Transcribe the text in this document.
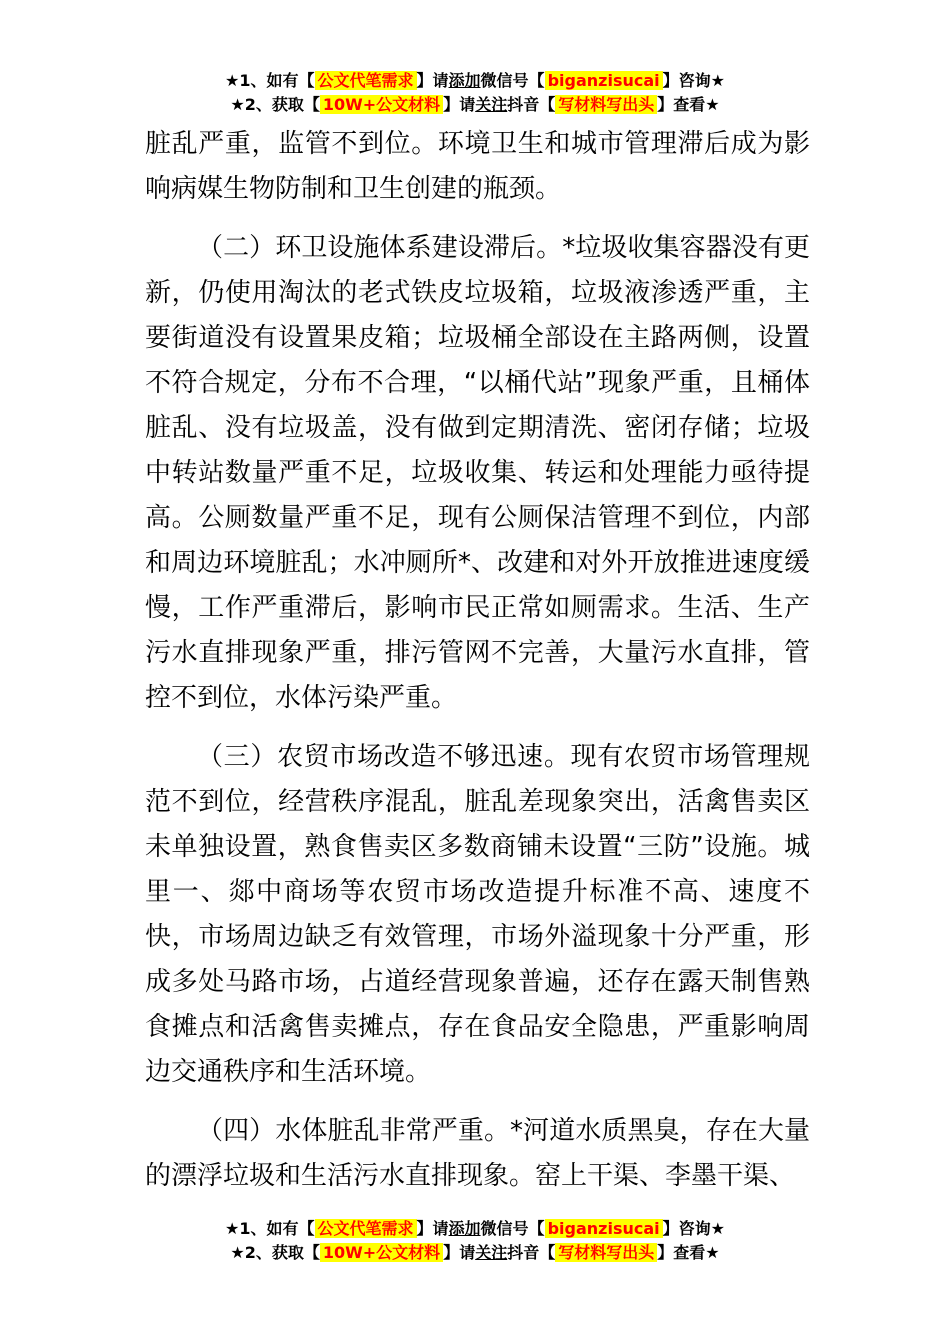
★1、如有【 公文代笔需求 】请添加微信号【 biganzisucai 】咨询★
★2、获取【 10W+公文材料 】请关注抖音【 写材料写出头 】查看★

脏乱严重，监管不到位。环境卫生和城市管理滞后成为影响病媒生物防制和卫生创建的瓶颈。

（二）环卫设施体系建设滞后。*垃圾收集容器没有更新，仍使用淘汰的老式铁皮垃圾箱，垃圾液渗透严重，主要街道没有设置果皮箱；垃圾桶全部设在主路两侧，设置不符合规定，分布不合理，“以桶代站”现象严重，且桶体脏乱、没有垃圾盖，没有做到定期清洗、密闭存储；垃圾中转站数量严重不足，垃圾收集、转运和处理能力亟待提高。公厕数量严重不足，现有公厕保洁管理不到位，内部和周边环境脏乱；水冲厕所*、改建和对外开放推进速度缓慢，工作严重滞后，影响市民正常如厕需求。生活、生产污水直排现象严重，排污管网不完善，大量污水直排，管控不到位，水体污染严重。

（三）农贸市场改造不够迅速。现有农贸市场管理规范不到位，经营秩序混乱，脏乱差现象突出，活禽售卖区未单独设置，熟食售卖区多数商铺未设置“三防”设施。城里一、郯中商场等农贸市场改造提升标准不高、速度不快，市场周边缺乏有效管理，市场外溢现象十分严重，形成多处马路市场，占道经营现象普遍，还存在露天制售熟食摊点和活禽售卖摊点，存在食品安全隐患，严重影响周边交通秩序和生活环境。

（四）水体脏乱非常严重。*河道水质黑臭，存在大量的漂浮垃圾和生活污水直排现象。窑上干渠、李墨干渠、

★1、如有【 公文代笔需求 】请添加微信号【 biganzisucai 】咨询★
★2、获取【 10W+公文材料 】请关注抖音【 写材料写出头 】查看★
